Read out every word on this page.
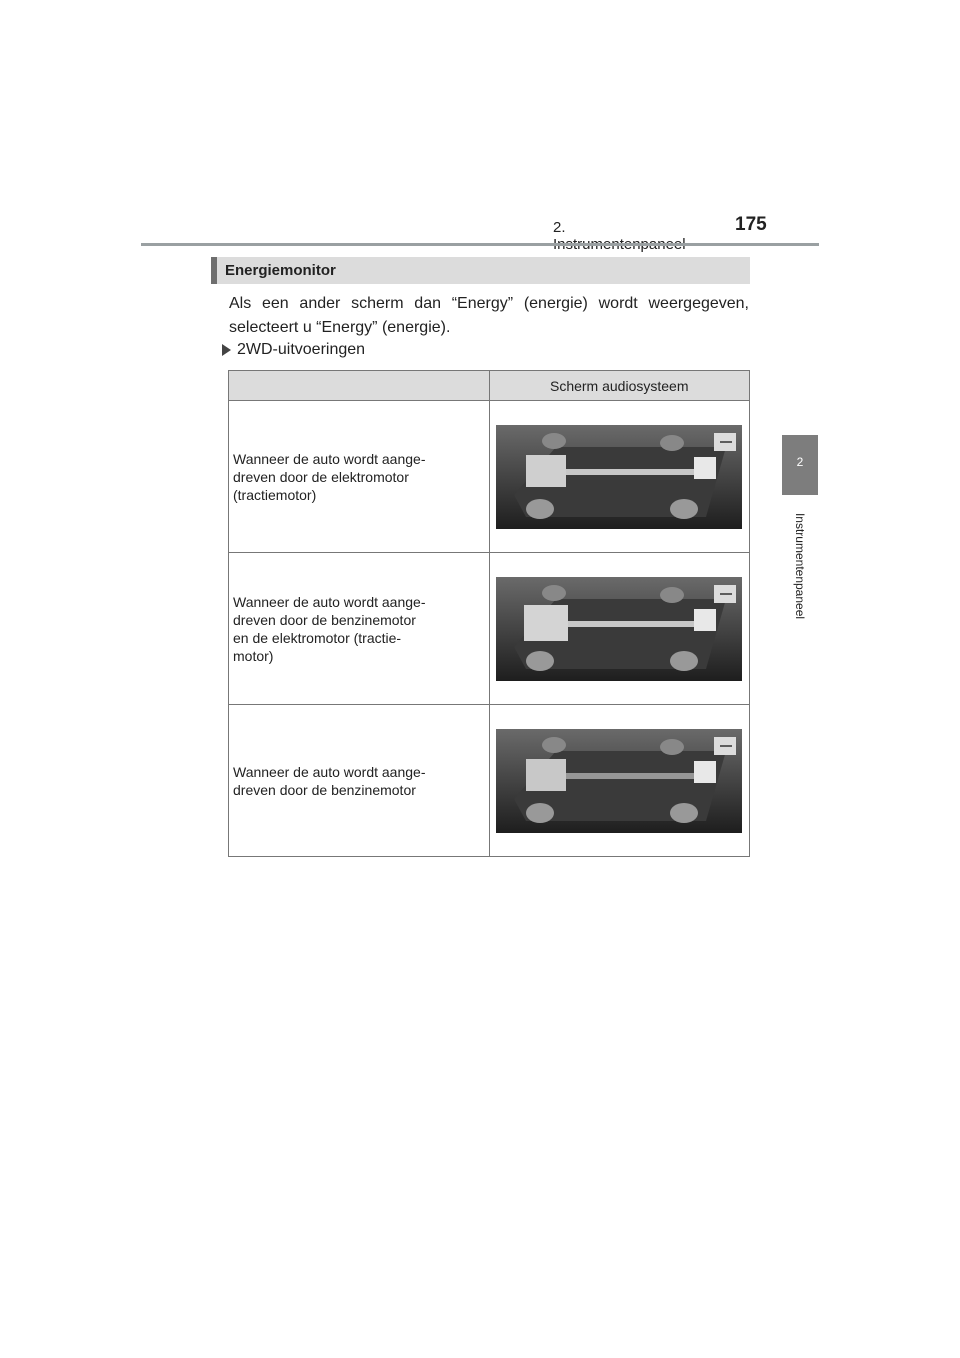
2.	175
2
Instrumentenpaneel
Energiemonitor
Als een ander scherm dan “Energy” (energie) wordt weergegeven, selecteert u “Energy” (energie).
2WD-uitvoeringen
	Scherm audiosysteem
Wanneer de auto wordt aange-
dreven door de elektromotor
(tractiemotor)	

Wanneer de auto wordt aange-
dreven door de benzinemotor
en de elektromotor (tractie-
motor)	

Wanneer de auto wordt aange-
dreven door de benzinemotor	
